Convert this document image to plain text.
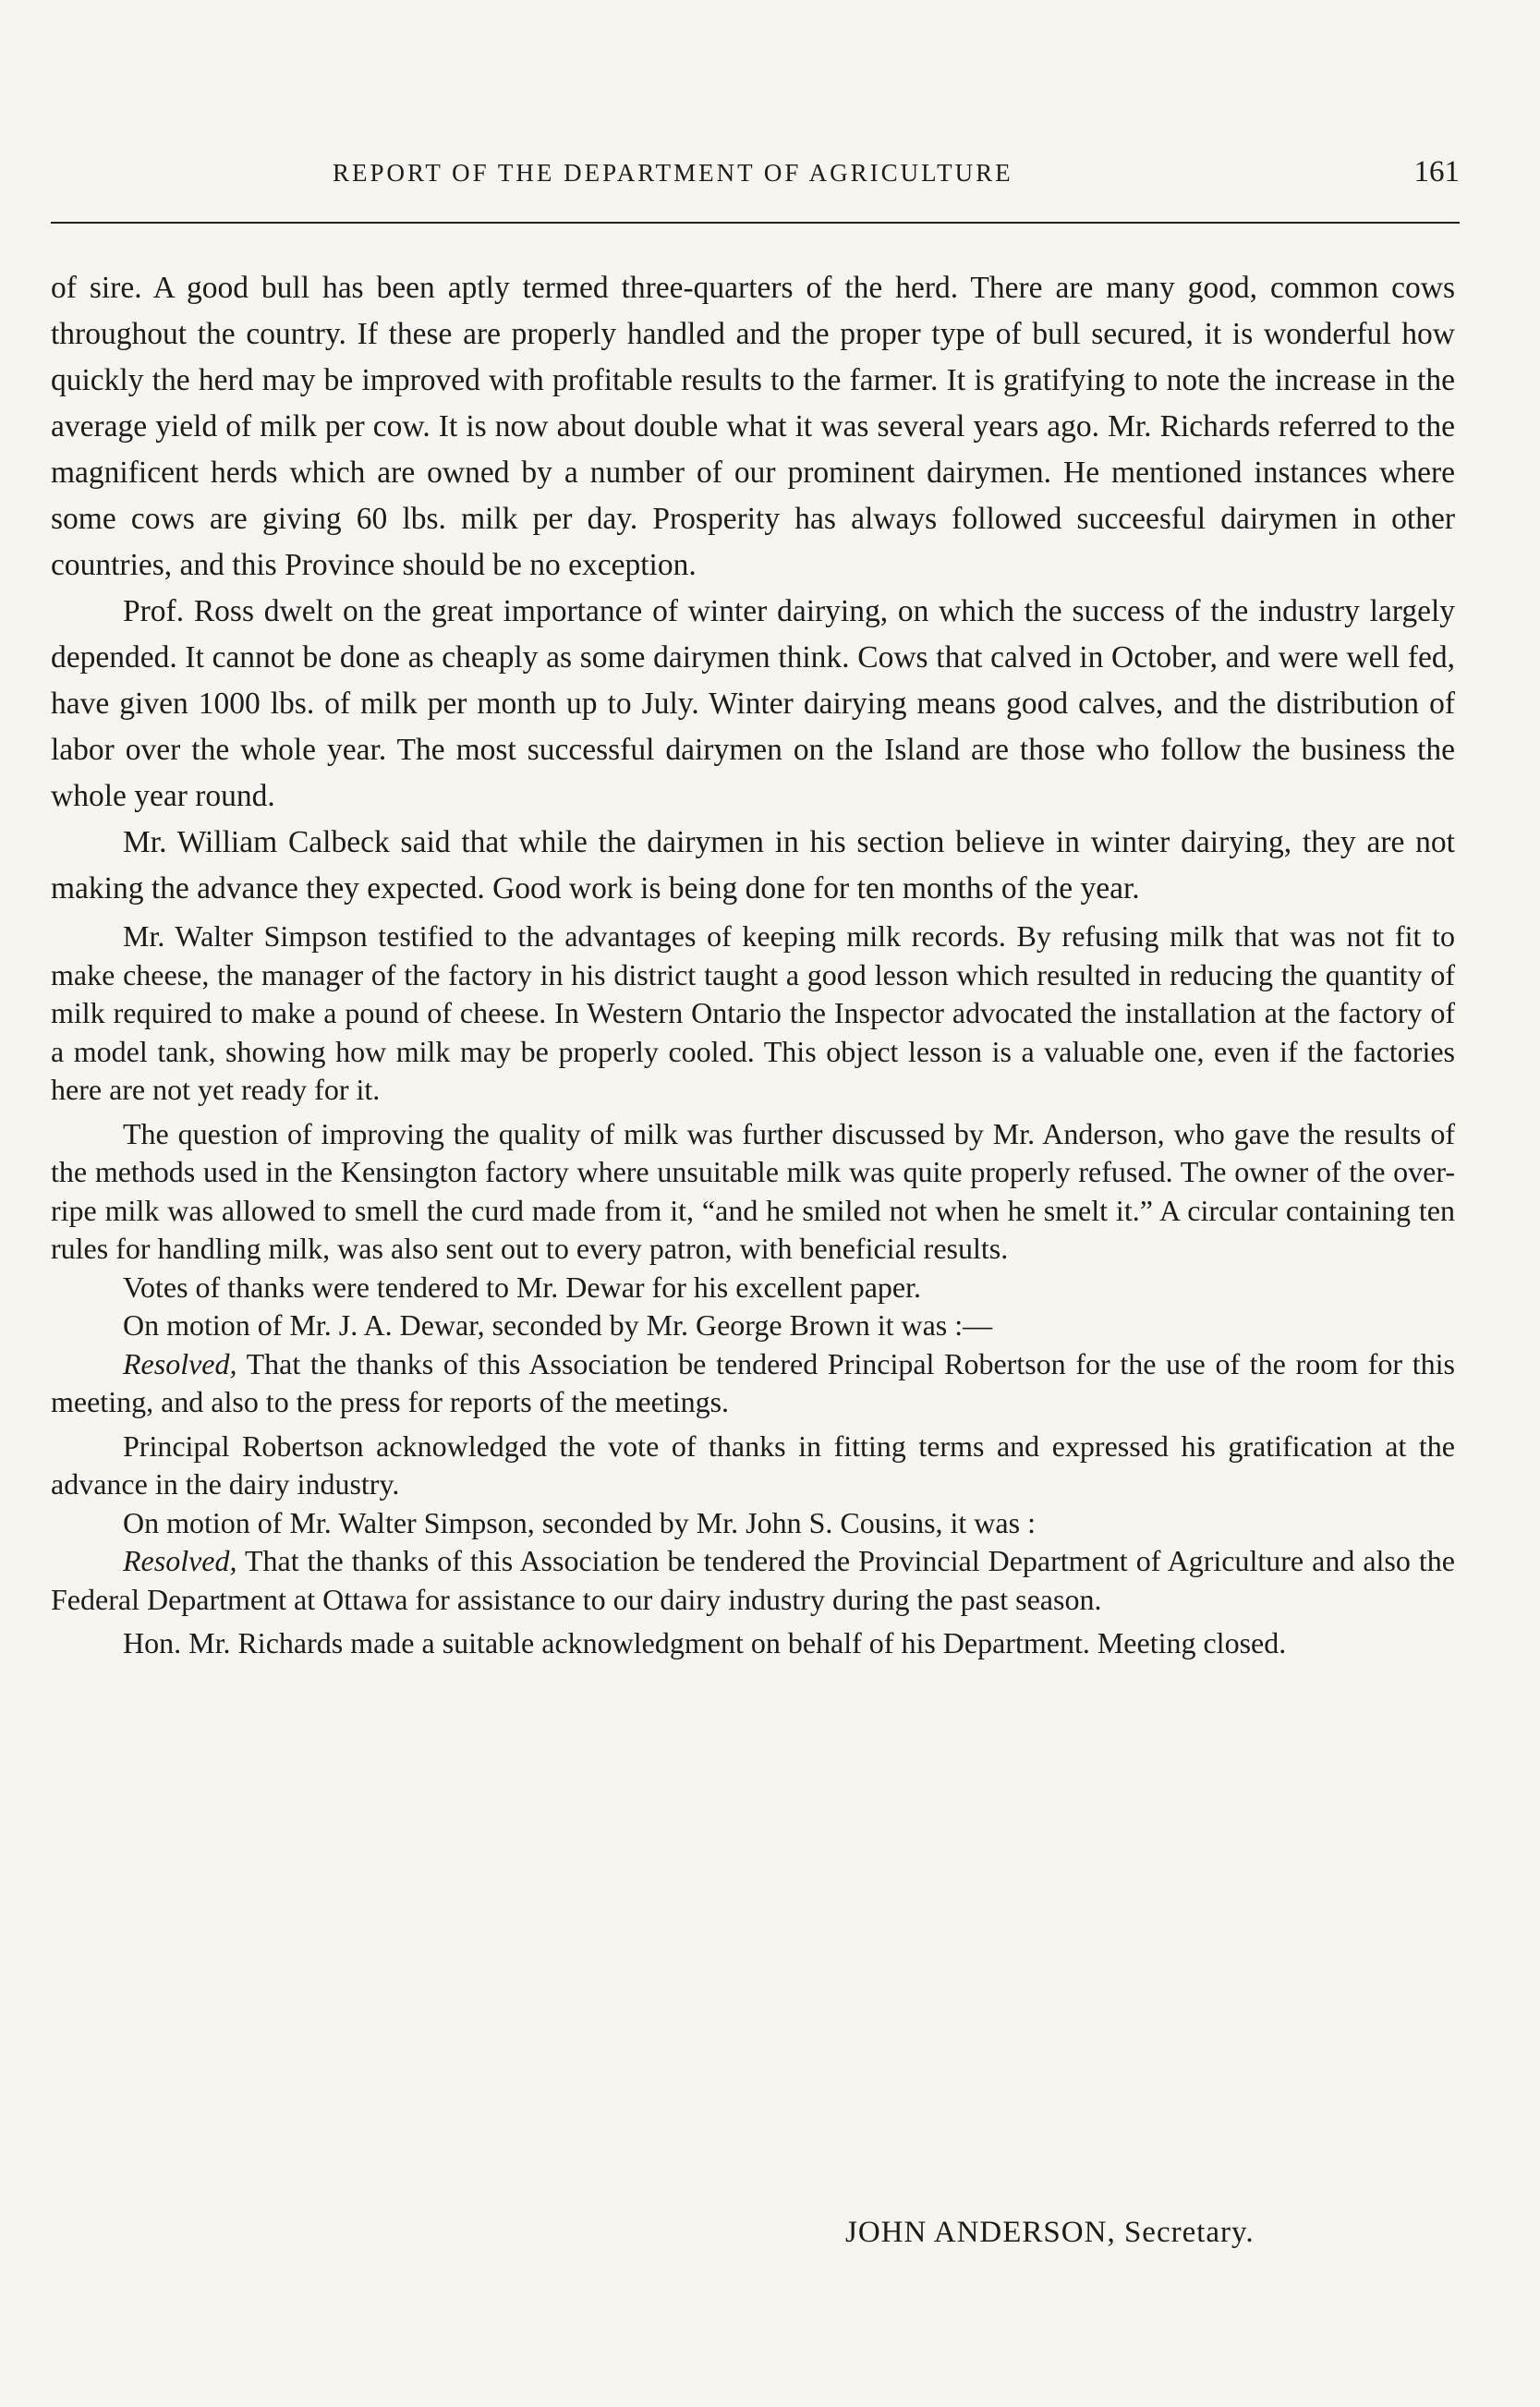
REPORT OF THE DEPARTMENT OF AGRICULTURE	161

of sire. A good bull has been aptly termed three-quarters of the herd. There are many good, common cows throughout the country. If these are properly handled and the proper type of bull secured, it is wonderful how quickly the herd may be improved with profitable results to the farmer. It is gratifying to note the increase in the average yield of milk per cow. It is now about double what it was several years ago. Mr. Richards referred to the magnificent herds which are owned by a number of our prominent dairymen. He mentioned instances where some cows are giving 60 lbs. milk per day. Prosperity has always followed succeesful dairymen in other countries, and this Province should be no exception.

Prof. Ross dwelt on the great importance of winter dairying, on which the success of the industry largely depended. It cannot be done as cheaply as some dairymen think. Cows that calved in October, and were well fed, have given 1000 lbs. of milk per month up to July. Winter dairying means good calves, and the distribution of labor over the whole year. The most successful dairymen on the Island are those who follow the business the whole year round.

Mr. William Calbeck said that while the dairymen in his section believe in winter dairying, they are not making the advance they expected. Good work is being done for ten months of the year.

Mr. Walter Simpson testified to the advantages of keeping milk records. By refusing milk that was not fit to make cheese, the manager of the factory in his district taught a good lesson which resulted in reducing the quantity of milk required to make a pound of cheese. In Western Ontario the Inspector advocated the installation at the factory of a model tank, showing how milk may be properly cooled. This object lesson is a valuable one, even if the factories here are not yet ready for it.

The question of improving the quality of milk was further discussed by Mr. Anderson, who gave the results of the methods used in the Kensington factory where unsuitable milk was quite properly refused. The owner of the over-ripe milk was allowed to smell the curd made from it, “and he smiled not when he smelt it.” A circular containing ten rules for handling milk, was also sent out to every patron, with beneficial results.

Votes of thanks were tendered to Mr. Dewar for his excellent paper.

On motion of Mr. J. A. Dewar, seconded by Mr. George Brown it was :—

Resolved, That the thanks of this Association be tendered Principal Robertson for the use of the room for this meeting, and also to the press for reports of the meetings.

Principal Robertson acknowledged the vote of thanks in fitting terms and expressed his gratification at the advance in the dairy industry.

On motion of Mr. Walter Simpson, seconded by Mr. John S. Cousins, it was :

Resolved, That the thanks of this Association be tendered the Provincial Department of Agriculture and also the Federal Department at Ottawa for assistance to our dairy industry during the past season.

Hon. Mr. Richards made a suitable acknowledgment on behalf of his Department. Meeting closed.

JOHN ANDERSON, Secretary.
